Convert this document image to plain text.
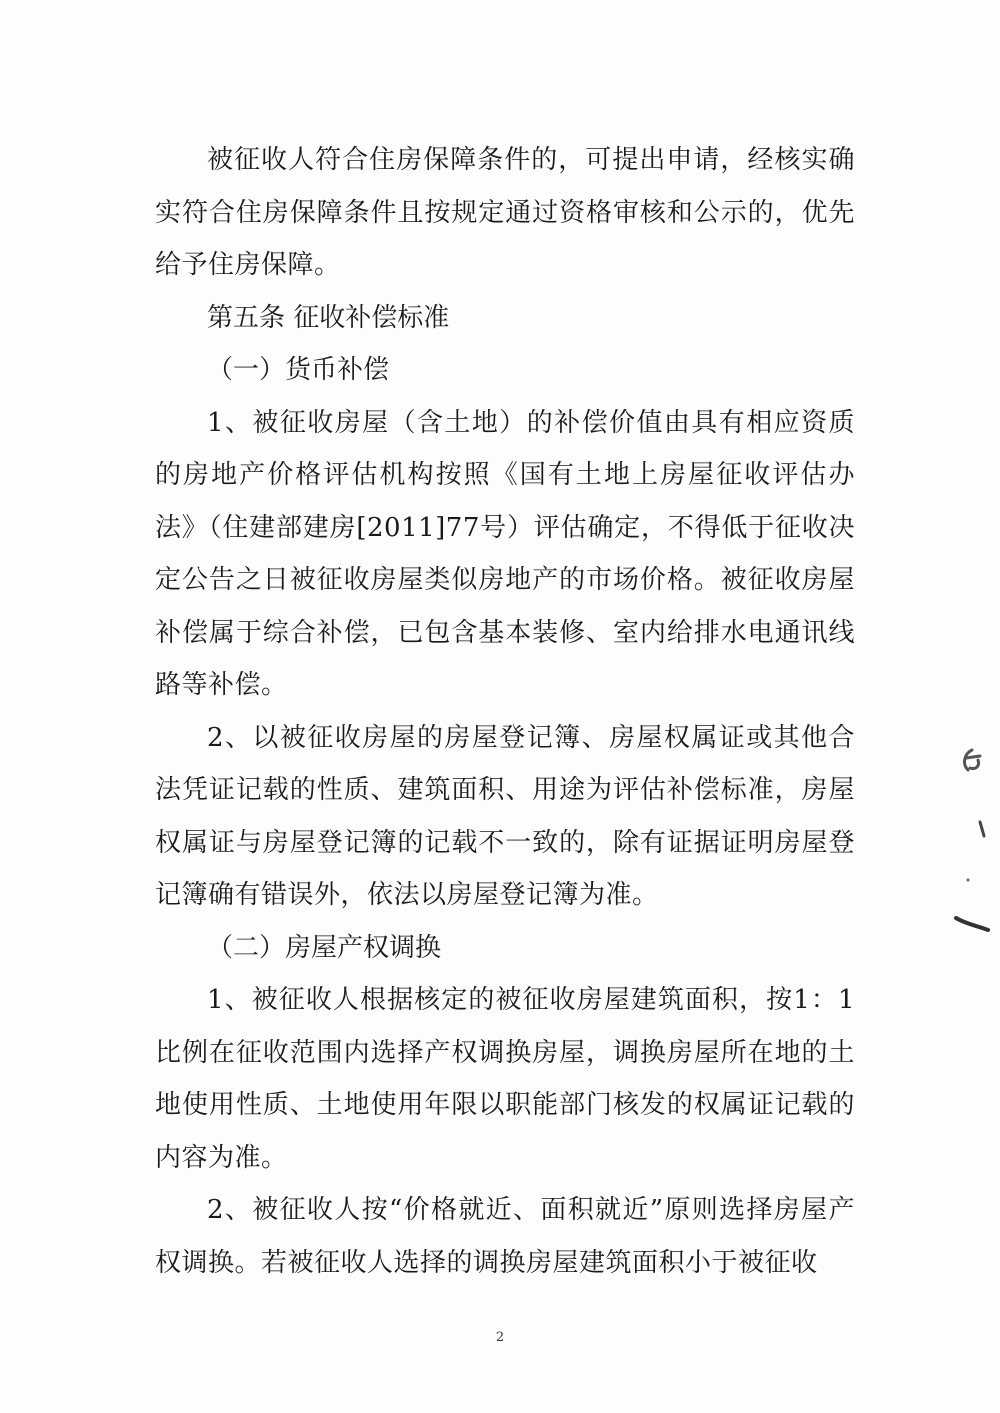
被征收人符合住房保障条件的，可提出申请，经核实确实符合住房保障条件且按规定通过资格审核和公示的，优先给予住房保障。

第五条 征收补偿标准

（一）货币补偿

1、被征收房屋（含土地）的补偿价值由具有相应资质的房地产价格评估机构按照《国有土地上房屋征收评估办法》（住建部建房[2011]77号）评估确定，不得低于征收决定公告之日被征收房屋类似房地产的市场价格。被征收房屋补偿属于综合补偿，已包含基本装修、室内给排水电通讯线路等补偿。

2、以被征收房屋的房屋登记簿、房屋权属证或其他合法凭证记载的性质、建筑面积、用途为评估补偿标准，房屋权属证与房屋登记簿的记载不一致的，除有证据证明房屋登记簿确有错误外，依法以房屋登记簿为准。

（二）房屋产权调换

1、被征收人根据核定的被征收房屋建筑面积，按1：1比例在征收范围内选择产权调换房屋，调换房屋所在地的土地使用性质、土地使用年限以职能部门核发的权属证记载的内容为准。

2、被征收人按“价格就近、面积就近”原则选择房屋产权调换。若被征收人选择的调换房屋建筑面积小于被征收

2
